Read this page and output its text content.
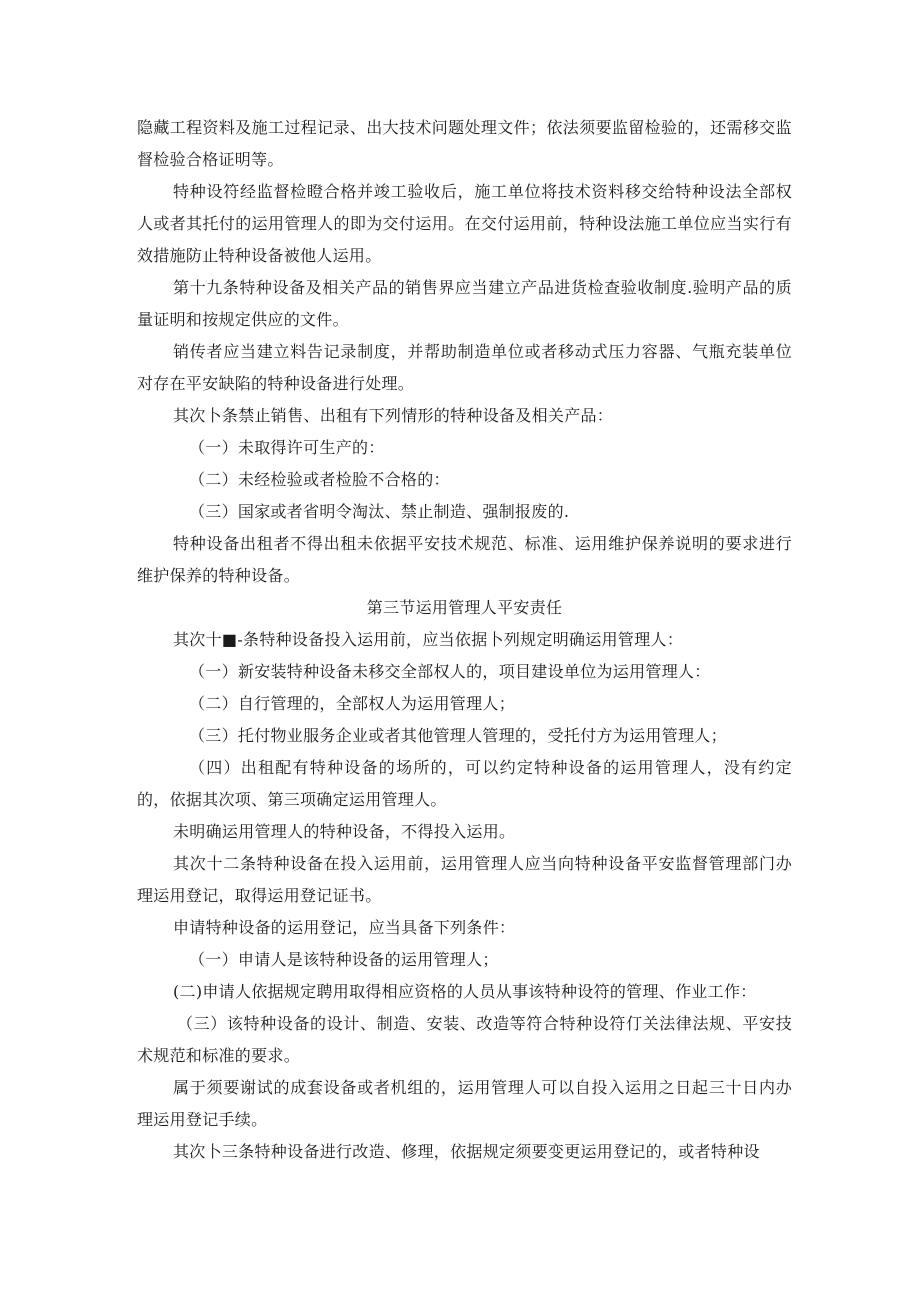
隐藏工程资料及施工过程记录、出大技术问题处理文件；依法须要监留检验的，还需移交监督检验合格证明等。

特种设符经监督检瞪合格并竣工验收后，施工单位将技术资料移交给特种设法全部权人或者其托付的运用管理人的即为交付运用。在交付运用前，特种设法施工单位应当实行有效措施防止特种设备被他人运用。

第十九条特种设备及相关产品的销售界应当建立产品进货检查验收制度.验明产品的质量证明和按规定供应的文件。

销传者应当建立料告记录制度，并帮助制造单位或者移动式压力容器、气瓶充装单位对存在平安缺陷的特种设备进行处理。

其次卜条禁止销售、出租有下列情形的特种设备及相关产品：

（一）未取得许可生产的：

（二）未经检验或者检脸不合格的：

（三）国家或者省明令淘汰、禁止制造、强制报废的.

特种设备出租者不得出租未依据平安技术规范、标准、运用维护保养说明的要求进行维护保养的特种设备。

第三节运用管理人平安责任

其次十■-条特种设备投入运用前，应当依据卜列规定明确运用管理人：

（一）新安装特种设备未移交全部权人的，项目建设单位为运用管理人：

（二）自行管理的，全部权人为运用管理人；

（三）托付物业服务企业或者其他管理人管理的，受托付方为运用管理人；

（四）出租配有特种设备的场所的，可以约定特种设备的运用管理人，没有约定的，依据其次项、第三项确定运用管理人。

未明确运用管理人的特种设备，不得投入运用。

其次十二条特种设备在投入运用前，运用管理人应当向特种设备平安监督管理部门办理运用登记，取得运用登记证书。

申请特种设备的运用登记，应当具备下列条件：

（一）申请人是该特种设备的运用管理人；

(二)申请人依据规定聘用取得相应资格的人员从事该特种设符的管理、作业工作：

（三）该特种设备的设计、制造、安装、改造等符合特种设符仃关法律法规、平安技术规范和标准的要求。

属于须要谢试的成套设备或者机组的，运用管理人可以自投入运用之日起三十日内办理运用登记手续。

其次卜三条特种设备进行改造、修理，依据规定须要变更运用登记的，或者特种设
